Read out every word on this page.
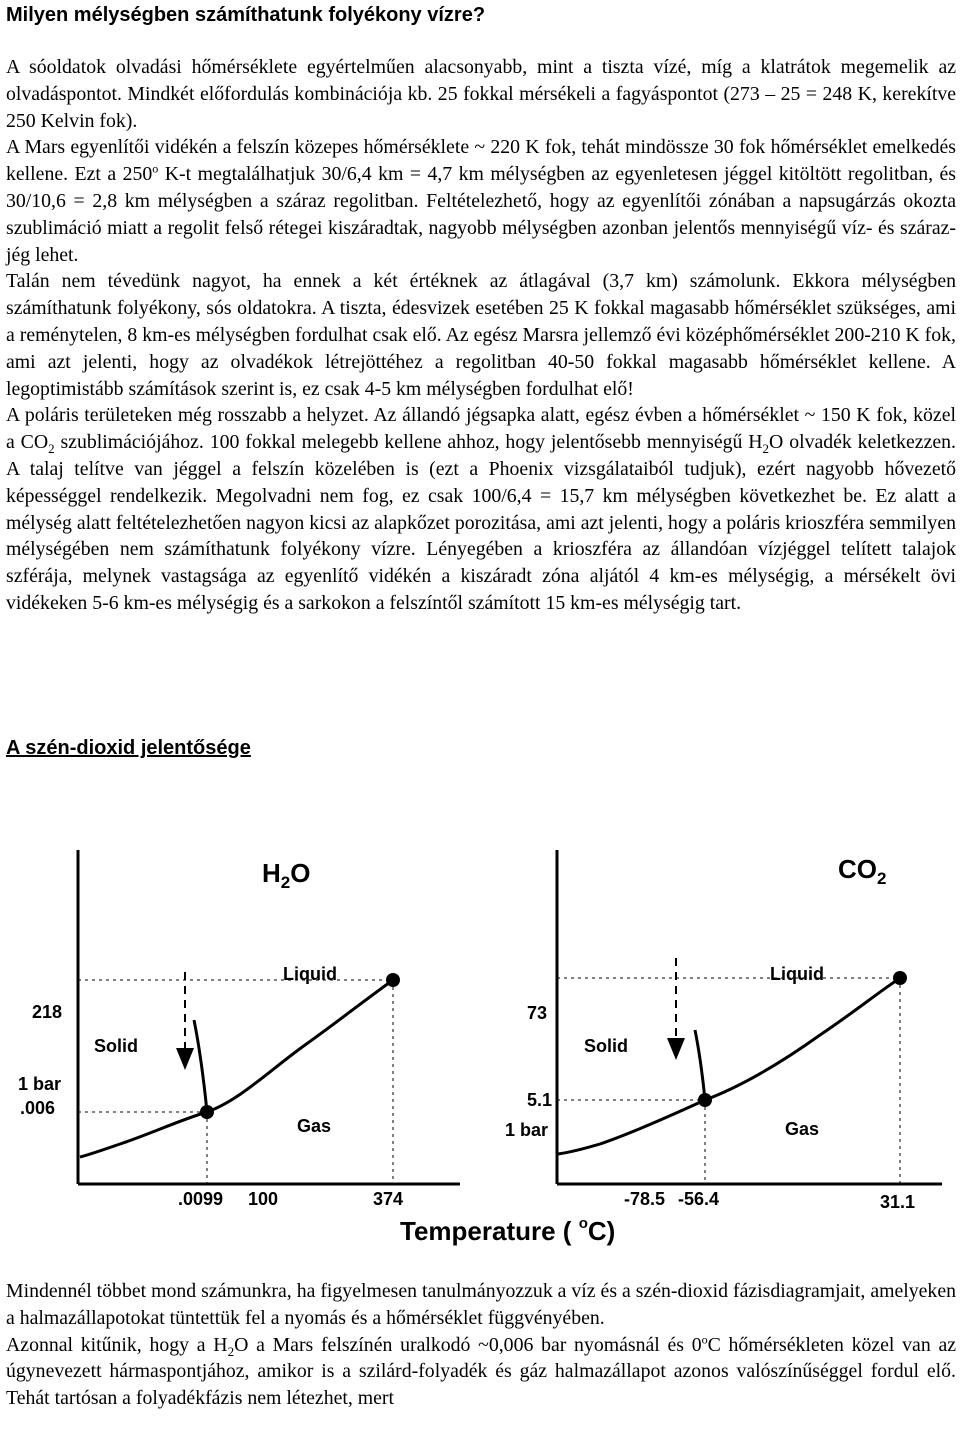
Milyen mélységben számíthatunk folyékony vízre?

A sóoldatok olvadási hőmérséklete egyértelműen alacsonyabb, mint a tiszta vízé, míg a klatrátok megemelik az olvadáspontot. Mindkét előfordulás kombinációja kb. 25 fokkal mérsékeli a fagyáspontot (273 – 25 = 248 K, kerekítve 250 Kelvin fok).

A Mars egyenlítői vidékén a felszín közepes hőmérséklete ~ 220 K fok, tehát mindössze 30 fok hőmérséklet emelkedés kellene. Ezt a 250$^o$ K-t megtalálhatjuk 30/6,4 km = 4,7 km mélységben az egyenletesen jéggel kitöltött regolitban, és 30/10,6 = 2,8 km mélységben a száraz regolitban. Feltételezhető, hogy az egyenlítői zónában a napsugárzás okozta szublimáció miatt a regolit felső rétegei kiszáradtak, nagyobb mélységben azonban jelentős mennyiségű víz- és száraz-jég lehet.

Talán nem tévedünk nagyot, ha ennek a két értéknek az átlagával (3,7 km) számolunk. Ekkora mélységben számíthatunk folyékony, sós oldatokra. A tiszta, édesvizek esetében 25 K fokkal magasabb hőmérséklet szükséges, ami a reménytelen, 8 km-es mélységben fordulhat csak elő. Az egész Marsra jellemző évi középhőmérséklet 200-210 K fok, ami azt jelenti, hogy az olvadékok létrejöttéhez a regolitban 40-50 fokkal magasabb hőmérséklet kellene. A legoptimistább számítások szerint is, ez csak 4-5 km mélységben fordulhat elő!

A poláris területeken még rosszabb a helyzet. Az állandó jégsapka alatt, egész évben a hőmérséklet ~ 150 K fok, közel a $CO_2$ szublimációjához. 100 fokkal melegebb kellene ahhoz, hogy jelentősebb mennyiségű $H_2O$ olvadék keletkezzen. A talaj telítve van jéggel a felszín közelében is (ezt a Phoenix vizsgálataiból tudjuk), ezért nagyobb hővezető képességgel rendelkezik. Megolvadni nem fog, ez csak 100/6,4 = 15,7 km mélységben következhet be. Ez alatt a mélység alatt feltételezhetően nagyon kicsi az alapkőzet porozitása, ami azt jelenti, hogy a poláris krioszféra semmilyen mélységében nem számíthatunk folyékony vízre. Lényegében a krioszféra az állandóan vízjéggel telített talajok szférája, melynek vastagsága az egyenlítő vidékén a kiszáradt zóna aljától 4 km-es mélységig, a mérsékelt övi vidékeken 5-6 km-es mélységig és a sarkokon a felszíntől számított 15 km-es mélységig tart.

A szén-dioxid jelentősége
$H_2O$
Liquid
Solid
Gas
218
1 bar
.006
.0099 100	374
$CO_2$
Liquid
Solid
Gas
73
5.1
1 bar
-78.5 -56.4	31.1
Temperature ( $^o$C)

Mindennél többet mond számunkra, ha figyelmesen tanulmányozzuk a víz és a szén-dioxid fázisdiagramjait, amelyeken a halmazállapotokat tüntettük fel a nyomás és a hőmérséklet függvényében.

Azonnal kitűnik, hogy a $H_2O$ a Mars felszínén uralkodó ~0,006 bar nyomásnál és 0$^o$C hőmérsékleten közel van az úgynevezett hármaspontjához, amikor is a szilárd-folyadék és gáz halmazállapot azonos valószínűséggel fordul elő. Tehát tartósan a folyadékfázis nem létezhet, mert
